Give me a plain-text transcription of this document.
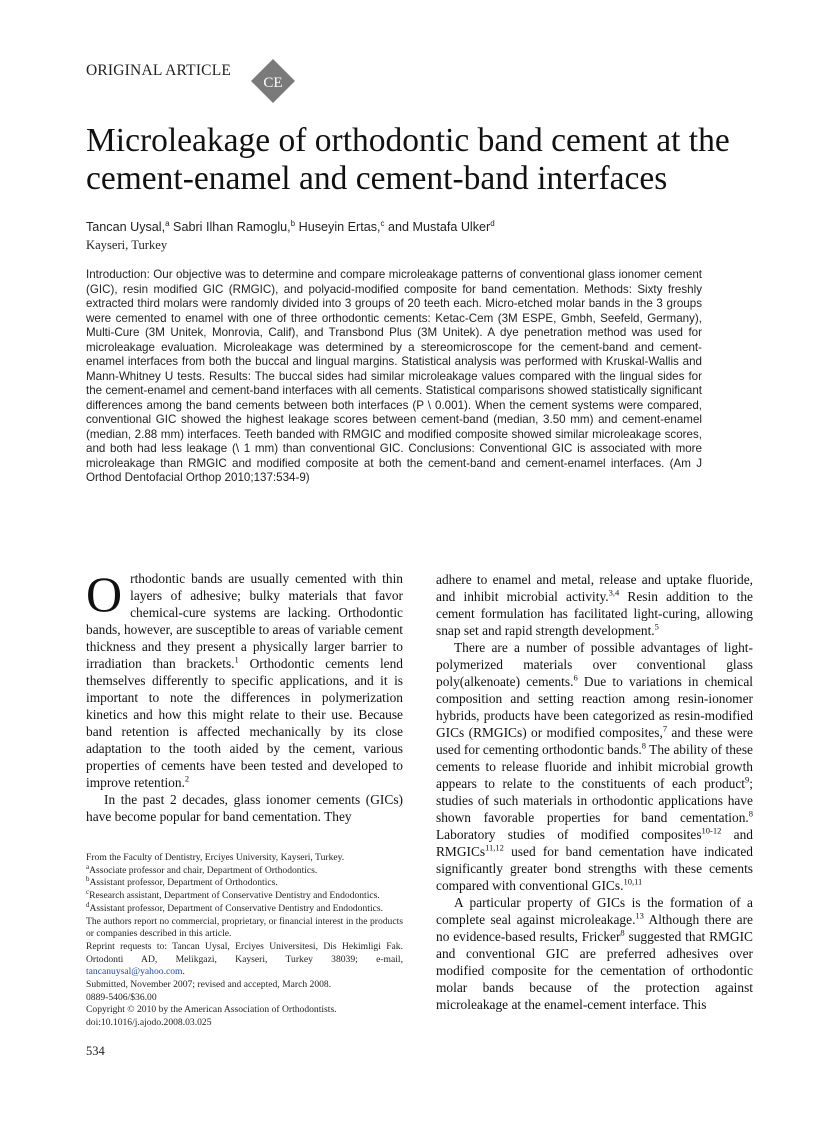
ORIGINAL ARTICLE
CE
Microleakage of orthodontic band cement at the cement-enamel and cement-band interfaces
Tancan Uysal,$^a$ Sabri Ilhan Ramoglu,$^b$ Huseyin Ertas,$^c$ and Mustafa Ulker$^d$
Kayseri, Turkey
Introduction: Our objective was to determine and compare microleakage patterns of conventional glass ionomer cement (GIC), resin modified GIC (RMGIC), and polyacid-modified composite for band cementation. Methods: Sixty freshly extracted third molars were randomly divided into 3 groups of 20 teeth each. Micro-etched molar bands in the 3 groups were cemented to enamel with one of three orthodontic cements: Ketac-Cem (3M ESPE, Gmbh, Seefeld, Germany), Multi-Cure (3M Unitek, Monrovia, Calif), and Transbond Plus (3M Unitek). A dye penetration method was used for microleakage evaluation. Microleakage was determined by a stereomicroscope for the cement-band and cement-enamel interfaces from both the buccal and lingual margins. Statistical analysis was performed with Kruskal-Wallis and Mann-Whitney U tests. Results: The buccal sides had similar microleakage values compared with the lingual sides for the cement-enamel and cement-band interfaces with all cements. Statistical comparisons showed statistically significant differences among the band cements between both interfaces (P \ 0.001). When the cement systems were compared, conventional GIC showed the highest leakage scores between cement-band (median, 3.50 mm) and cement-enamel (median, 2.88 mm) interfaces. Teeth banded with RMGIC and modified composite showed similar microleakage scores, and both had less leakage (\ 1 mm) than conventional GIC. Conclusions: Conventional GIC is associated with more microleakage than RMGIC and modified composite at both the cement-band and cement-enamel interfaces. (Am J Orthod Dentofacial Orthop 2010;137:534-9)
O rthodontic bands are usually cemented with thin layers of adhesive; bulky materials that favor chemical-cure systems are lacking. Orthodontic bands, however, are susceptible to areas of variable cement thickness and they present a physically larger barrier to irradiation than brackets.$^1$ Orthodontic cements lend themselves differently to specific applications, and it is important to note the differences in polymerization kinetics and how this might relate to their use. Because band retention is affected mechanically by its close adaptation to the tooth aided by the cement, various properties of cements have been tested and developed to improve retention.$^2$

In the past 2 decades, glass ionomer cements (GICs) have become popular for band cementation. They

adhere to enamel and metal, release and uptake fluoride, and inhibit microbial activity.$^{3,4}$ Resin addition to the cement formulation has facilitated light-curing, allowing snap set and rapid strength development.$^5$

There are a number of possible advantages of light-polymerized materials over conventional glass poly(alkenoate) cements.$^6$ Due to variations in chemical composition and setting reaction among resin-ionomer hybrids, products have been categorized as resin-modified GICs (RMGICs) or modified composites,$^7$ and these were used for cementing orthodontic bands.$^8$ The ability of these cements to release fluoride and inhibit microbial growth appears to relate to the constituents of each product$^9$; studies of such materials in orthodontic applications have shown favorable properties for band cementation.$^8$ Laboratory studies of modified composites$^{10-12}$ and RMGICs$^{11,12}$ used for band cementation have indicated significantly greater bond strengths with these cements compared with conventional GICs.$^{10,11}$

A particular property of GICs is the formation of a complete seal against microleakage.$^{13}$ Although there are no evidence-based results, Fricker$^8$ suggested that RMGIC and conventional GIC are preferred adhesives over modified composite for the cementation of orthodontic molar bands because of the protection against microleakage at the enamel-cement interface. This

From the Faculty of Dentistry, Erciyes University, Kayseri, Turkey.
$^a$Associate professor and chair, Department of Orthodontics.
$^b$Assistant professor, Department of Orthodontics.
$^c$Research assistant, Department of Conservative Dentistry and Endodontics.
$^d$Assistant professor, Department of Conservative Dentistry and Endodontics.
The authors report no commercial, proprietary, or financial interest in the products or companies described in this article.
Reprint requests to: Tancan Uysal, Erciyes Universitesi, Dis Hekimligi Fak. Ortodonti AD, Melikgazi, Kayseri, Turkey 38039; e-mail, tancanuysal@yahoo.com.
Submitted, November 2007; revised and accepted, March 2008.
0889-5406/$36.00
Copyright © 2010 by the American Association of Orthodontists.
doi:10.1016/j.ajodo.2008.03.025
534
